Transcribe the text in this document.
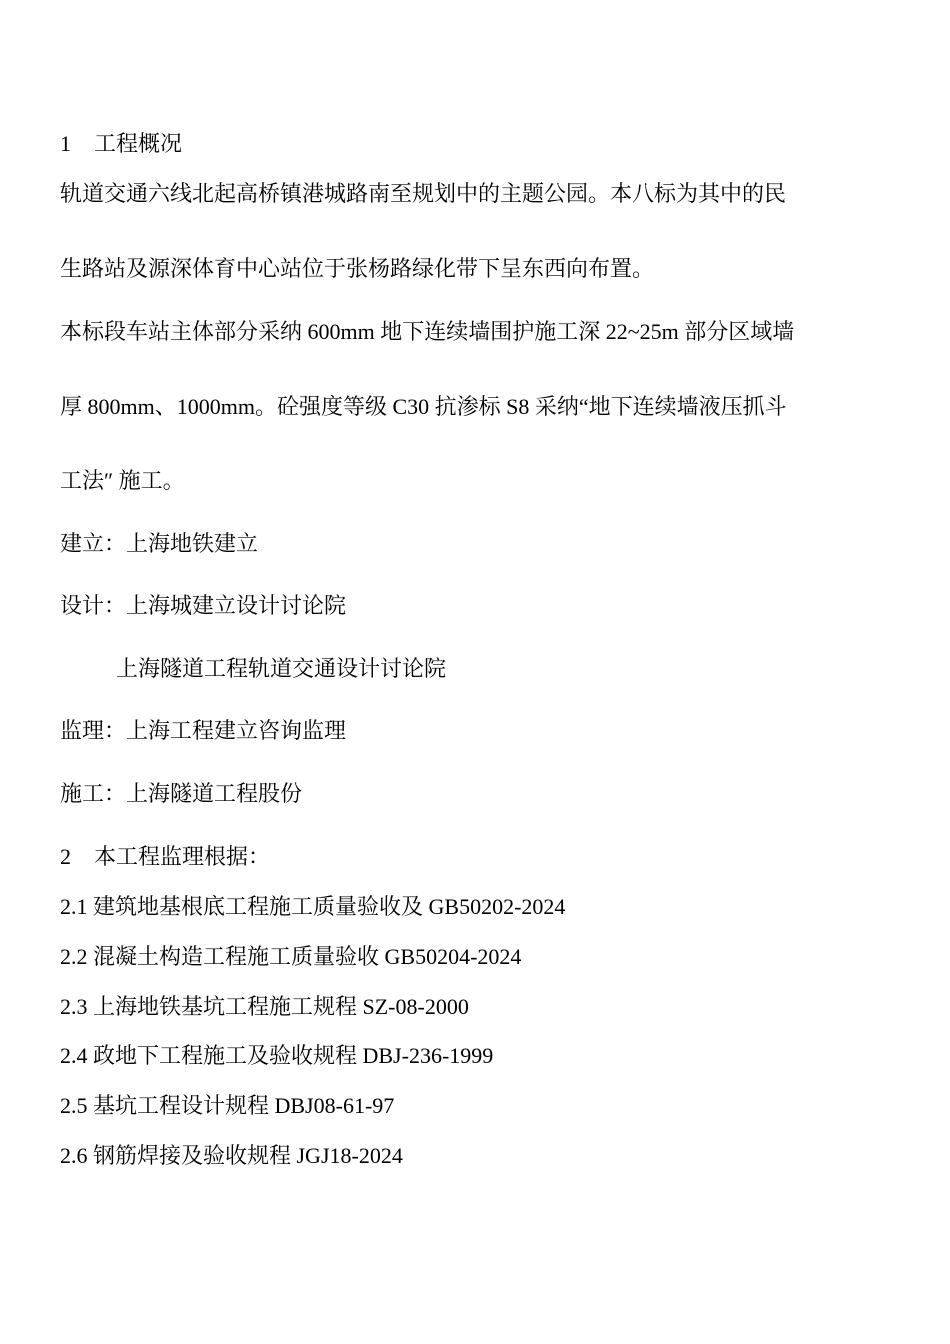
1 工程概况
轨道交通六线北起高桥镇港城路南至规划中的主题公园。本八标为其中的民
生路站及源深体育中心站位于张杨路绿化带下呈东西向布置。
本标段车站主体部分采纳 600mm 地下连续墙围护施工深 22~25m 部分区域墙
厚 800mm、1000mm。砼强度等级 C30 抗渗标 S8 采纳“地下连续墙液压抓斗
工法″ 施工。
建立：上海地铁建立
设计：上海城建立设计讨论院
上海隧道工程轨道交通设计讨论院
监理：上海工程建立咨询监理
施工：上海隧道工程股份
2 本工程监理根据：
2.1 建筑地基根底工程施工质量验收及 GB50202-2024
2.2 混凝土构造工程施工质量验收 GB50204-2024
2.3 上海地铁基坑工程施工规程 SZ-08-2000
2.4 政地下工程施工及验收规程 DBJ-236-1999
2.5 基坑工程设计规程 DBJ08-61-97
2.6 钢筋焊接及验收规程 JGJ18-2024
